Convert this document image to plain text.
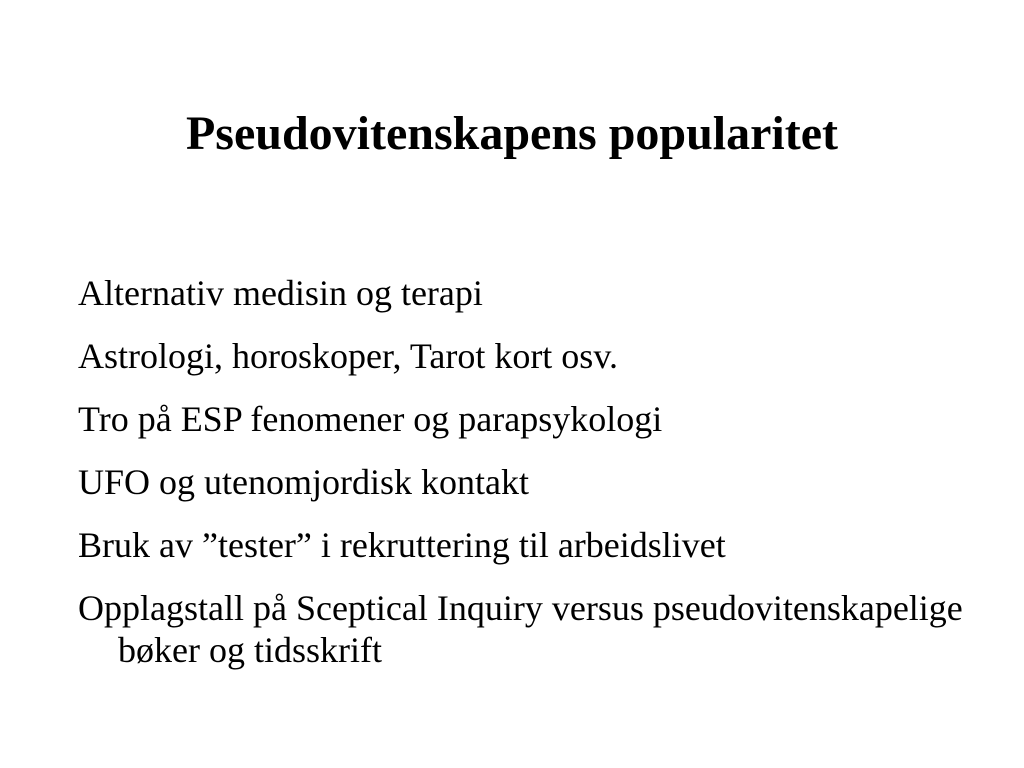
Pseudovitenskapens popularitet
Alternativ medisin og terapi
Astrologi, horoskoper, Tarot kort osv.
Tro på ESP fenomener og parapsykologi
UFO og utenomjordisk kontakt
Bruk av ”tester” i rekruttering til arbeidslivet
Opplagstall på Sceptical Inquiry versus pseudovitenskapelige bøker og tidsskrift
